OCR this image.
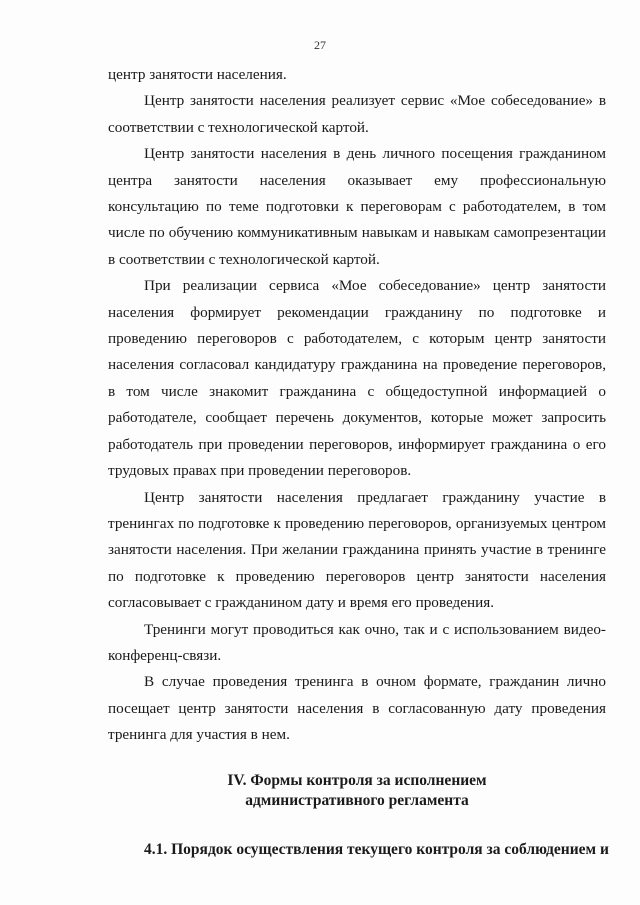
27

центр занятости населения.

Центр занятости населения реализует сервис «Мое собеседование» в соответствии с технологической картой.

Центр занятости населения в день личного посещения гражданином центра занятости населения оказывает ему профессиональную консультацию по теме подготовки к переговорам с работодателем, в том числе по обучению коммуникативным навыкам и навыкам самопрезентации в соответствии с технологической картой.

При реализации сервиса «Мое собеседование» центр занятости населения формирует рекомендации гражданину по подготовке и проведению переговоров с работодателем, с которым центр занятости населения согласовал кандидатуру гражданина на проведение переговоров, в том числе знакомит гражданина с общедоступной информацией о работодателе, сообщает перечень документов, которые может запросить работодатель при проведении переговоров, информирует гражданина о его трудовых правах при проведении переговоров.

Центр занятости населения предлагает гражданину участие в тренингах по подготовке к проведению переговоров, организуемых центром занятости населения. При желании гражданина принять участие в тренинге по подготовке к проведению переговоров центр занятости населения согласовывает с гражданином дату и время его проведения.

Тренинги могут проводиться как очно, так и с использованием видео-конференц-связи.

В случае проведения тренинга в очном формате, гражданин лично посещает центр занятости населения в согласованную дату проведения тренинга для участия в нем.

IV. Формы контроля за исполнением
административного регламента
4.1. Порядок осуществления текущего контроля за соблюдением и
